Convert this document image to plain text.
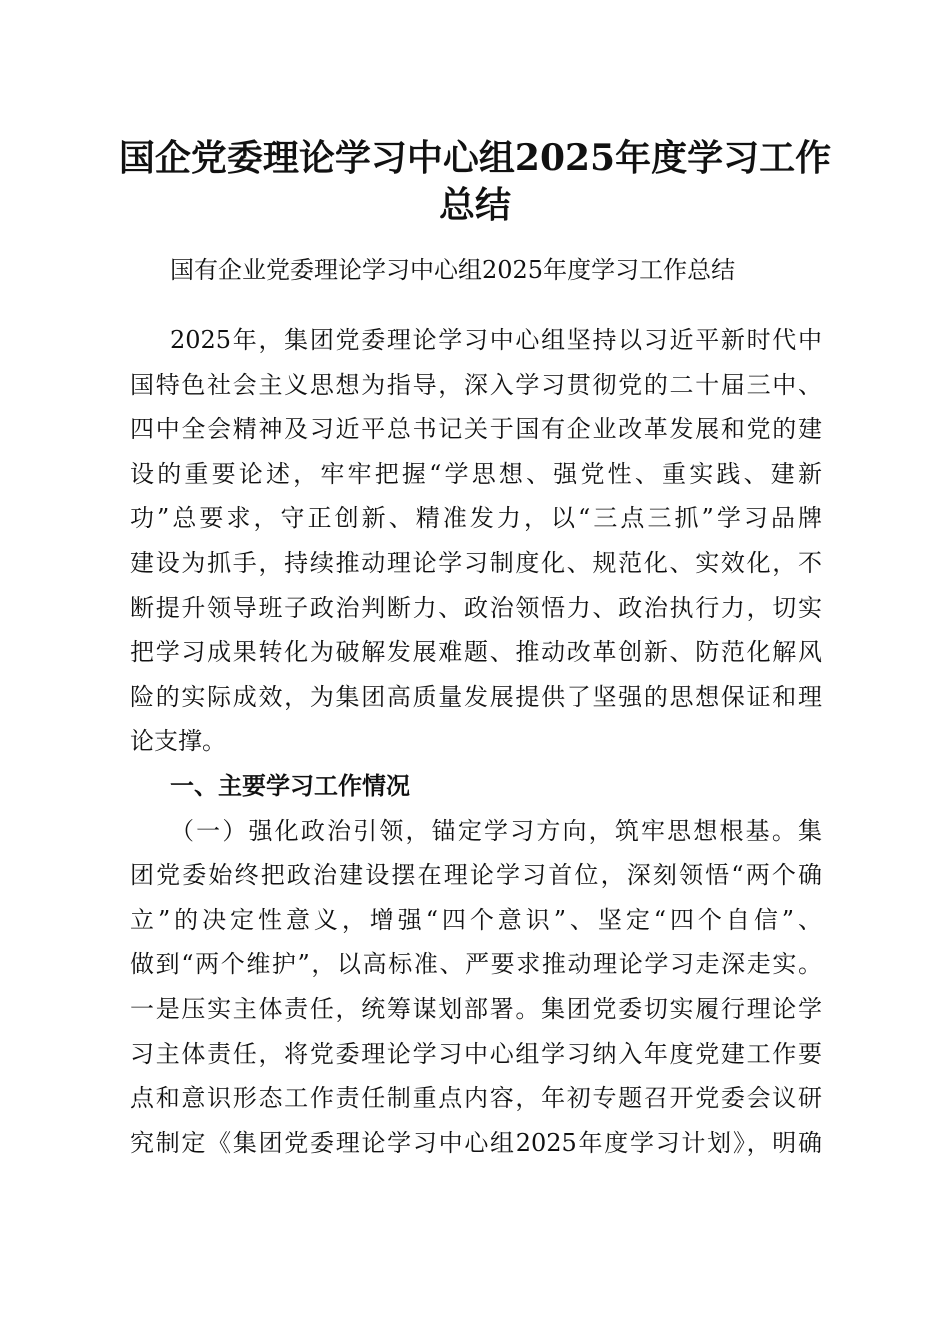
国企党委理论学习中心组2025年度学习工作
总结
国有企业党委理论学习中心组2025年度学习工作总结
2025年，集团党委理论学习中心组坚持以习近平新时代中
国特色社会主义思想为指导，深入学习贯彻党的二十届三中、
四中全会精神及习近平总书记关于国有企业改革发展和党的建
设的重要论述，牢牢把握“学思想、强党性、重实践、建新
功”总要求，守正创新、精准发力，以“三点三抓”学习品牌
建设为抓手，持续推动理论学习制度化、规范化、实效化，不
断提升领导班子政治判断力、政治领悟力、政治执行力，切实
把学习成果转化为破解发展难题、推动改革创新、防范化解风
险的实际成效，为集团高质量发展提供了坚强的思想保证和理
论支撑。
一、主要学习工作情况
（一）强化政治引领，锚定学习方向，筑牢思想根基。集
团党委始终把政治建设摆在理论学习首位，深刻领悟“两个确
立”的决定性意义，增强“四个意识”、坚定“四个自信”、
做到“两个维护”，以高标准、严要求推动理论学习走深走实。
一是压实主体责任，统筹谋划部署。集团党委切实履行理论学
习主体责任，将党委理论学习中心组学习纳入年度党建工作要
点和意识形态工作责任制重点内容，年初专题召开党委会议研
究制定《集团党委理论学习中心组2025年度学习计划》，明确
